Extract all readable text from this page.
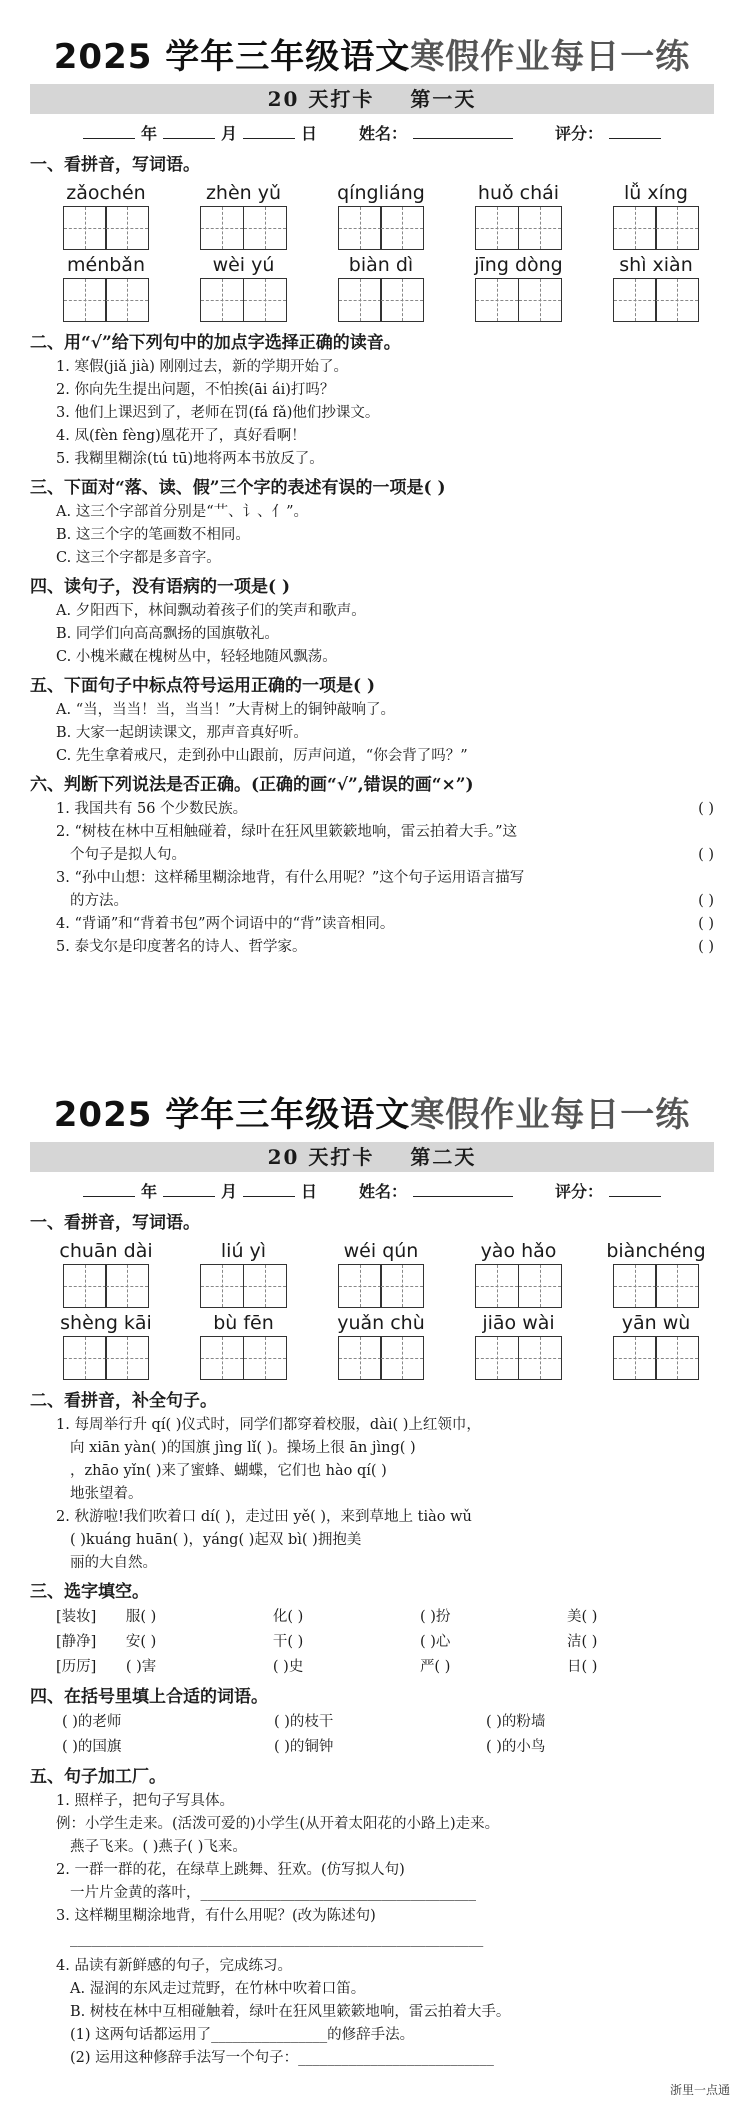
2025 学年三年级语文 寒假作业每日一练
20 天打卡 第一天
年	月	日	姓名：	评分：
一、看拼音，写词语。
zǎochén	zhèn yǔ	qíngliáng	huǒ chái	lǚ xíng
ménbǎn	wèi yú	biàn dì	jīng dòng	shì xiàn
二、用“√”给下列句中的加点字选择正确的读音。
1. 寒假(jiǎ jià) 刚刚过去，新的学期开始了。
2. 你向先生提出问题，不怕挨(āi ái)打吗？
3. 他们上课迟到了，老师在罚(fá fǎ)他们抄课文。
4. 凤(fèn fèng)凰花开了，真好看啊！
5. 我糊里糊涂(tú tū)地将两本书放反了。
三、下面对“落、读、假”三个字的表述有误的一项是( )
A. 这三个字部首分别是“艹、讠、亻”。
B. 这三个字的笔画数不相同。
C. 这三个字都是多音字。
四、读句子，没有语病的一项是( )
A. 夕阳西下，林间飘动着孩子们的笑声和歌声。
B. 同学们向高高飘扬的国旗敬礼。
C. 小槐米藏在槐树丛中，轻轻地随风飘荡。
五、下面句子中标点符号运用正确的一项是( )
A. “当，当当！当，当当！”大青树上的铜钟敲响了。
B. 大家一起朗读课文，那声音真好听。
C. 先生拿着戒尺，走到孙中山跟前，厉声问道，“你会背了吗？”
六、判断下列说法是否正确。(正确的画“√”,错误的画“×”)
1. 我国共有 56 个少数民族。	( )
2. “树枝在林中互相触碰着，绿叶在狂风里簌簌地响，雷云拍着大手。”这
个句子是拟人句。	( )
3. “孙中山想：这样稀里糊涂地背，有什么用呢？”这个句子运用语言描写
的方法。	( )
4. “背诵”和“背着书包”两个词语中的“背”读音相同。	( )
5. 泰戈尔是印度著名的诗人、哲学家。	( )
2025 学年三年级语文 寒假作业每日一练
20 天打卡 第二天
年	月	日	姓名：	评分：
一、看拼音，写词语。
chuān dài	liú yì	wéi qún	yào hǎo	biànchéng
shèng kāi	bù fēn	yuǎn chù	jiāo wài	yān wù
二、看拼音，补全句子。
1. 每周举行升 qí( )仪式时，同学们都穿着校服，dài( )上红领巾，
向 xiān yàn( )的国旗 jìng lǐ( )。操场上很 ān jìng( )
，zhāo yǐn( )来了蜜蜂、蝴蝶，它们也 hào qí( )
地张望着。
2. 秋游啦!我们吹着口 dí( )，走过田 yě( )，来到草地上 tiào wǔ
( )kuáng huān( )，yáng( )起双 bì( )拥抱美
丽的大自然。
三、选字填空。
[装妆]	服( )	化( )	( )扮	美( )
[静净]	安( )	干( )	( )心	洁( )
[历厉]	( )害	( )史	严( )	日( )
四、在括号里填上合适的词语。
( )的老师	( )的枝干	( )的粉墙
( )的国旗	( )的铜钟	( )的小鸟
五、句子加工厂。
1. 照样子，把句子写具体。
例：小学生走来。(活泼可爱的)小学生(从开着太阳花的小路上)走来。
燕子飞来。( )燕子( )飞来。
2. 一群一群的花，在绿草上跳舞、狂欢。(仿写拟人句)
一片片金黄的落叶，______________________________________
3. 这样糊里糊涂地背，有什么用呢？(改为陈述句)
_________________________________________________________
4. 品读有新鲜感的句子，完成练习。
A. 湿润的东风走过荒野，在竹林中吹着口笛。
B. 树枝在林中互相碰触着，绿叶在狂风里簌簌地响，雷云拍着大手。
(1) 这两句话都运用了________________的修辞手法。
(2) 运用这种修辞手法写一个句子：___________________________
浙里一点通
